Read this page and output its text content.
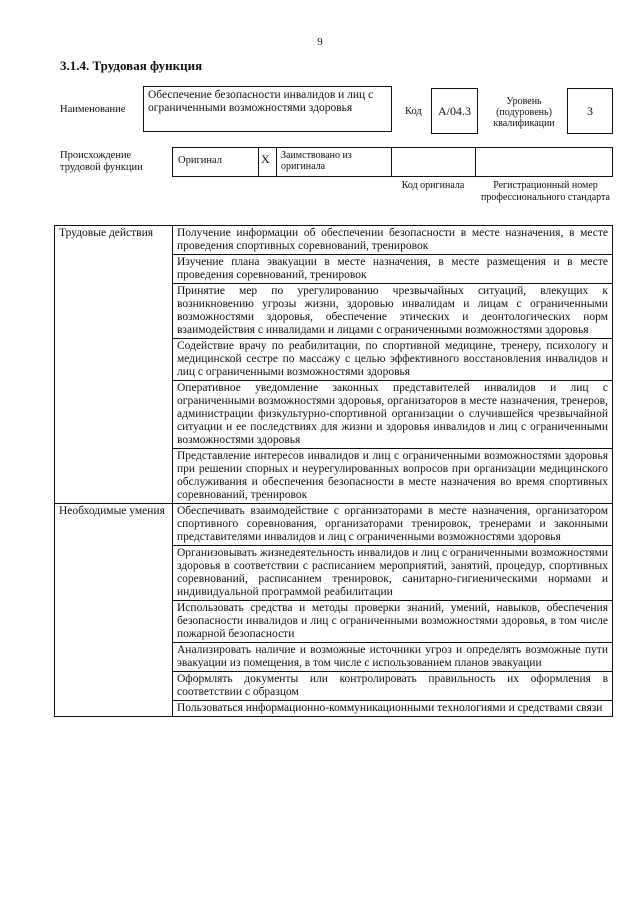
9
3.1.4. Трудовая функция
Наименование
Обеспечение безопасности инвалидов и лиц с ограниченными возможностями здоровья	Код А/04.3
Уровень (подуровень) квалификации
3
Происхождение трудовой функции
Оригинал	X Заимствовано из оригинала
Код оригинала	Регистрационный номер профессионального стандарта
Трудовые действия	Получение информации об обеспечении безопасности в месте назначения, в месте проведения спортивных соревнований, тренировок
	Изучение плана эвакуации в месте назначения, в месте размещения и в месте проведения соревнований, тренировок
	Принятие мер по урегулированию чрезвычайных ситуаций, влекущих к возникновению угрозы жизни, здоровью инвалидам и лицам с ограниченными возможностями здоровья, обеспечение этических и деонтологических норм взаимодействия с инвалидами и лицами с ограниченными возможностями здоровья
	Содействие врачу по реабилитации, по спортивной медицине, тренеру, психологу и медицинской сестре по массажу с целью эффективного восстановления инвалидов и лиц с ограниченными возможностями здоровья
	Оперативное уведомление законных представителей инвалидов и лиц с ограниченными возможностями здоровья, организаторов в месте назначения, тренеров, администрации физкультурно-спортивной организации о случившейся чрезвычайной ситуации и ее последствиях для жизни и здоровья инвалидов и лиц с ограниченными возможностями здоровья
	Представление интересов инвалидов и лиц с ограниченными возможностями здоровья при решении спорных и неурегулированных вопросов при организации медицинского обслуживания и обеспечения безопасности в месте назначения во время спортивных соревнований, тренировок
Необходимые умения	Обеспечивать взаимодействие с организаторами в месте назначения, организатором спортивного соревнования, организаторами тренировок, тренерами и законными представителями инвалидов и лиц с ограниченными возможностями здоровья
	Организовывать жизнедеятельность инвалидов и лиц с ограниченными возможностями здоровья в соответствии с расписанием мероприятий, занятий, процедур, спортивных соревнований, расписанием тренировок, санитарно-гигиеническими нормами и индивидуальной программой реабилитации
	Использовать средства и методы проверки знаний, умений, навыков, обеспечения безопасности инвалидов и лиц с ограниченными возможностями здоровья, в том числе пожарной безопасности
	Анализировать наличие и возможные источники угроз и определять возможные пути эвакуации из помещения, в том числе с использованием планов эвакуации
	Оформлять документы или контролировать правильность их оформления в соответствии с образцом
	Пользоваться информационно-коммуникационными технологиями и средствами связи
